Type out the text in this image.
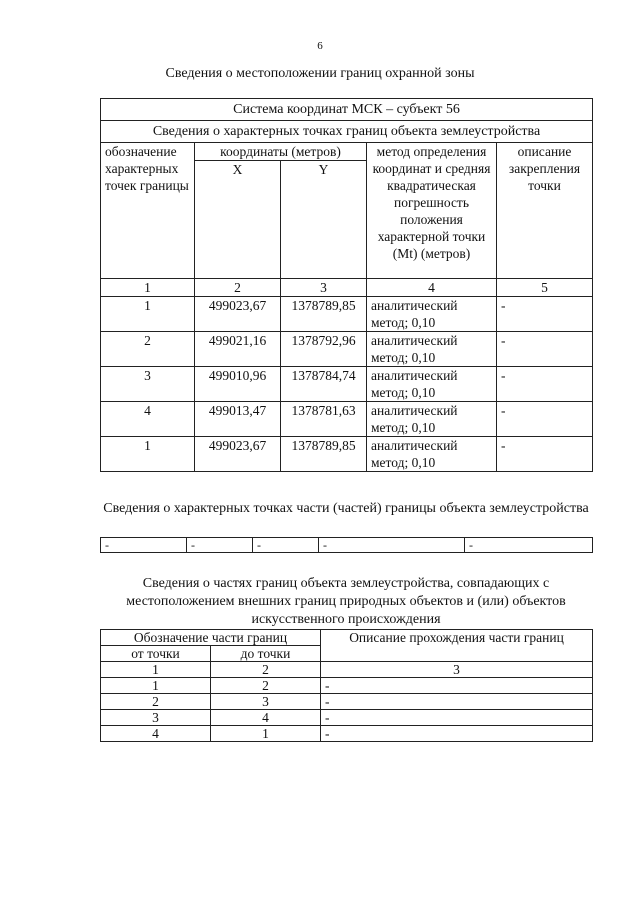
6
Сведения о местоположении границ охранной зоны
Система координат МСК – субъект 56				
Сведения о характерных точках границ объекта землеустройства				
обозначение характерных точек границы	координаты (метров)		метод определения координат и средняя квадратическая погрешность положения характерной точки (Mt) (метров)	описание закрепления точки
	X	Y		
1	2	3	4	5
1	499023,67	1378789,85	аналитический метод; 0,10	-
2	499021,16	1378792,96	аналитический метод; 0,10	-
3	499010,96	1378784,74	аналитический метод; 0,10	-
4	499013,47	1378781,63	аналитический метод; 0,10	-
1	499023,67	1378789,85	аналитический метод; 0,10	-
Сведения о характерных точках части (частей) границы объекта землеустройства
-	-	-	-	-
Сведения о частях границ объекта землеустройства, совпадающих с местоположением внешних границ природных объектов и (или) объектов искусственного происхождения
Обозначение части границ		Описание прохождения части границ
от точки	до точки	
1	2	3
1	2	-
2	3	-
3	4	-
4	1	-
